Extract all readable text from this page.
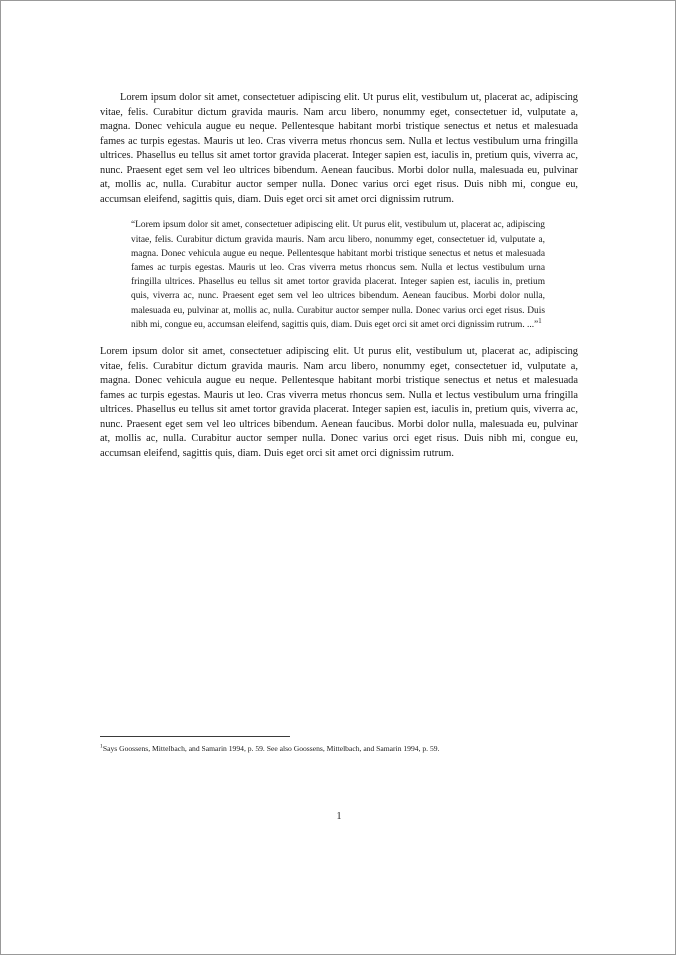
Lorem ipsum dolor sit amet, consectetuer adipiscing elit. Ut purus elit, vestibulum ut, placerat ac, adipiscing vitae, felis. Curabitur dictum gravida mauris. Nam arcu libero, nonummy eget, consectetuer id, vulputate a, magna. Donec vehicula augue eu neque. Pellentesque habitant morbi tristique senectus et netus et malesuada fames ac turpis egestas. Mauris ut leo. Cras viverra metus rhoncus sem. Nulla et lectus vestibulum urna fringilla ultrices. Phasellus eu tellus sit amet tortor gravida placerat. Integer sapien est, iaculis in, pretium quis, viverra ac, nunc. Praesent eget sem vel leo ultrices bibendum. Aenean faucibus. Morbi dolor nulla, malesuada eu, pulvinar at, mollis ac, nulla. Curabitur auctor semper nulla. Donec varius orci eget risus. Duis nibh mi, congue eu, accumsan eleifend, sagittis quis, diam. Duis eget orci sit amet orci dignissim rutrum.

“Lorem ipsum dolor sit amet, consectetuer adipiscing elit. Ut purus elit, vestibulum ut, placerat ac, adipiscing vitae, felis. Curabitur dictum gravida mauris. Nam arcu libero, nonummy eget, consectetuer id, vulputate a, magna. Donec vehicula augue eu neque. Pellentesque habitant morbi tristique senectus et netus et malesuada fames ac turpis egestas. Mauris ut leo. Cras viverra metus rhoncus sem. Nulla et lectus vestibulum urna fringilla ultrices. Phasellus eu tellus sit amet tortor gravida placerat. Integer sapien est, iaculis in, pretium quis, viverra ac, nunc. Praesent eget sem vel leo ultrices bibendum. Aenean faucibus. Morbi dolor nulla, malesuada eu, pulvinar at, mollis ac, nulla. Curabitur auctor semper nulla. Donec varius orci eget risus. Duis nibh mi, congue eu, accumsan eleifend, sagittis quis, diam. Duis eget orci sit amet orci dignissim rutrum. ...”$^1$

Lorem ipsum dolor sit amet, consectetuer adipiscing elit. Ut purus elit, vestibulum ut, placerat ac, adipiscing vitae, felis. Curabitur dictum gravida mauris. Nam arcu libero, nonummy eget, consectetuer id, vulputate a, magna. Donec vehicula augue eu neque. Pellentesque habitant morbi tristique senectus et netus et malesuada fames ac turpis egestas. Mauris ut leo. Cras viverra metus rhoncus sem. Nulla et lectus vestibulum urna fringilla ultrices. Phasellus eu tellus sit amet tortor gravida placerat. Integer sapien est, iaculis in, pretium quis, viverra ac, nunc. Praesent eget sem vel leo ultrices bibendum. Aenean faucibus. Morbi dolor nulla, malesuada eu, pulvinar at, mollis ac, nulla. Curabitur auctor semper nulla. Donec varius orci eget risus. Duis nibh mi, congue eu, accumsan eleifend, sagittis quis, diam. Duis eget orci sit amet orci dignissim rutrum.

$^1$Says Goossens, Mittelbach, and Samarin 1994, p. 59. See also Goossens, Mittelbach, and Samarin 1994, p. 59.

1
